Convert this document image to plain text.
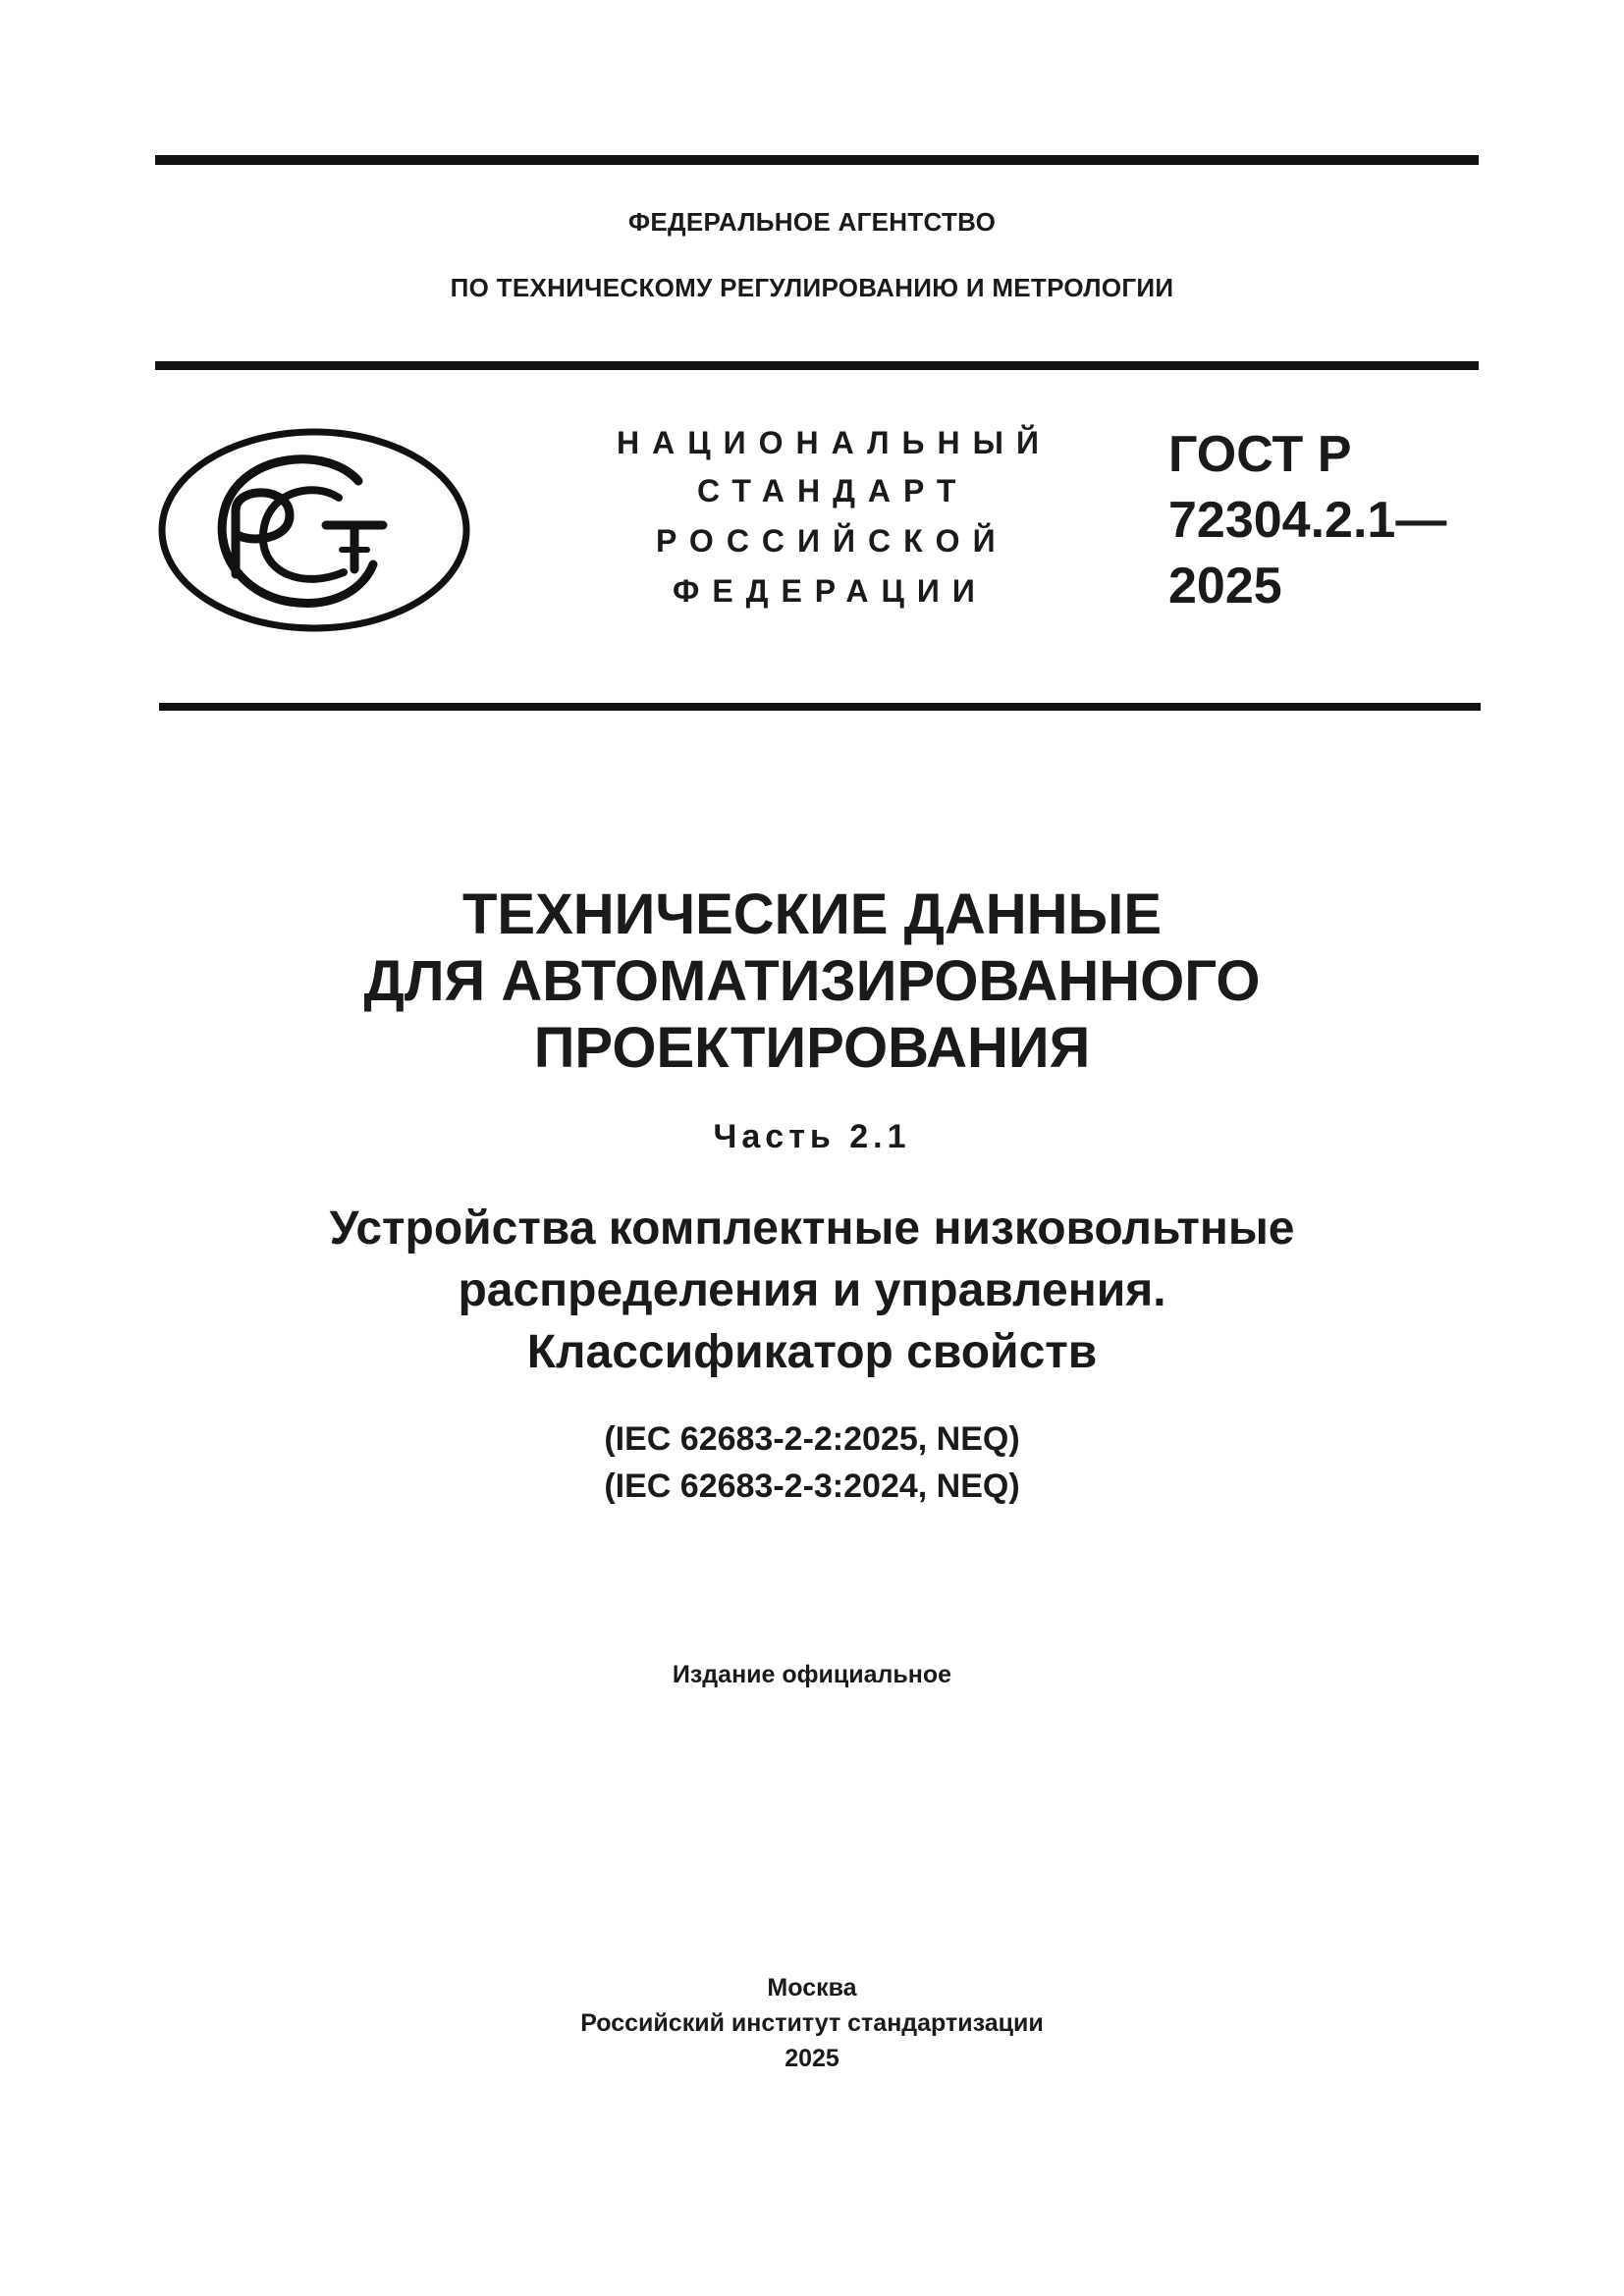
ФЕДЕРАЛЬНОЕ АГЕНТСТВО
ПО ТЕХНИЧЕСКОМУ РЕГУЛИРОВАНИЮ И МЕТРОЛОГИИ
НАЦИОНАЛЬНЫЙ
СТАНДАРТ
РОССИЙСКОЙ
ФЕДЕРАЦИИ
ГОСТ Р
72304.2.1—
2025
ТЕХНИЧЕСКИЕ ДАННЫЕ
ДЛЯ АВТОМАТИЗИРОВАННОГО
ПРОЕКТИРОВАНИЯ
Часть 2.1
Устройства комплектные низковольтные
распределения и управления.
Классификатор свойств
(IEC 62683-2-2:2025, NEQ)
(IEC 62683-2-3:2024, NEQ)
Издание официальное
Москва
Российский институт стандартизации
2025
